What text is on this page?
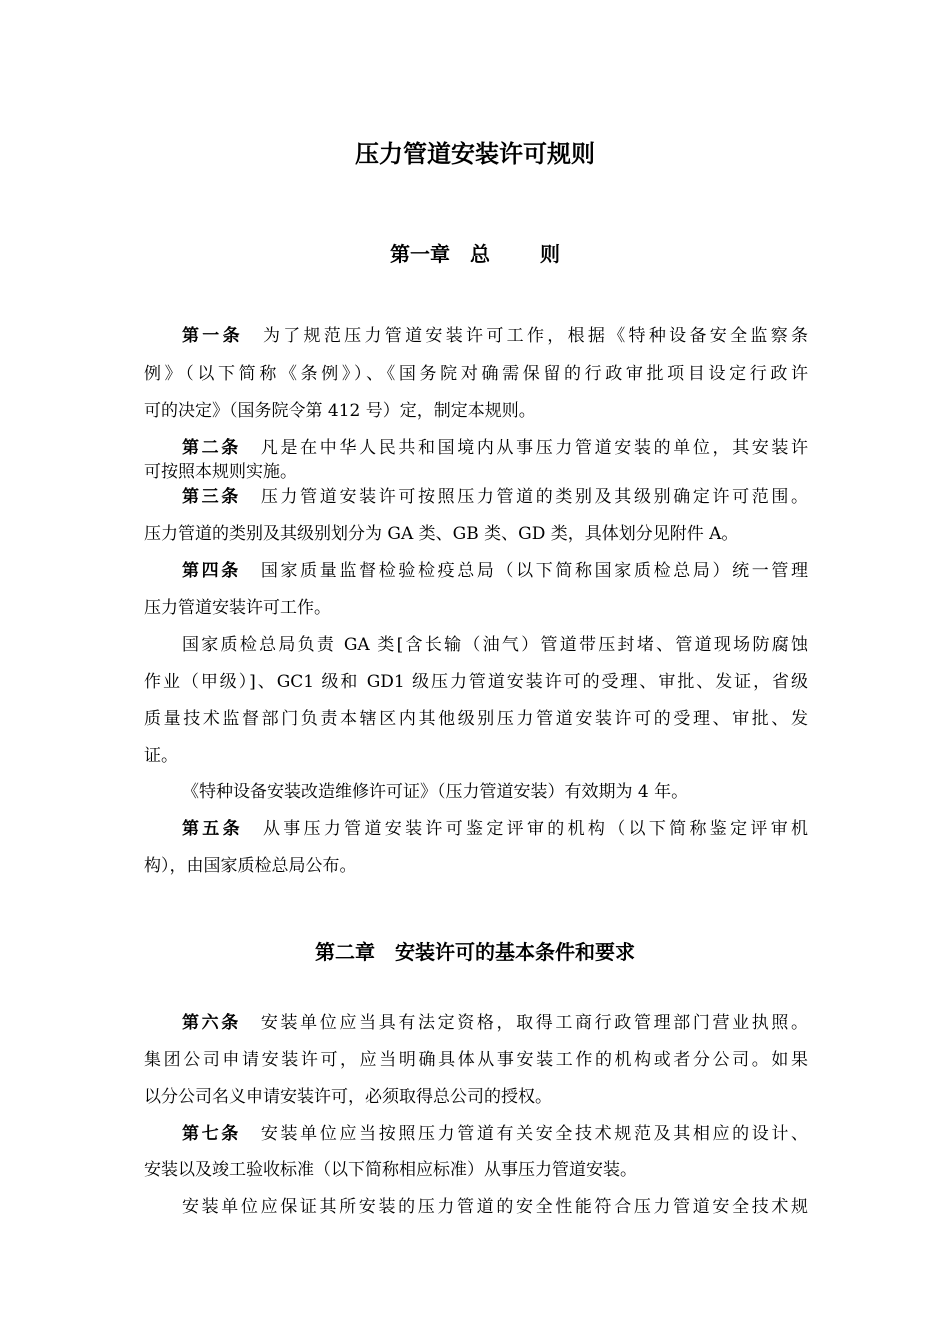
压力管道安装许可规则
第一章 总	则
第一条 为了规范压力管道安装许可工作，根据《特种设备安全监察条
例》（以下简称《条例》）、《国务院对确需保留的行政审批项目设定行政许
可的决定》（国务院令第 412 号）定，制定本规则。
第二条 凡是在中华人民共和国境内从事压力管道安装的单位，其安装许
可按照本规则实施。
第三条 压力管道安装许可按照压力管道的类别及其级别确定许可范围。
压力管道的类别及其级别划分为 GA 类、GB 类、GD 类，具体划分见附件 A。
第四条 国家质量监督检验检疫总局（以下简称国家质检总局）统一管理
压力管道安装许可工作。
国家质检总局负责 GA 类[含长输（油气）管道带压封堵、管道现场防腐蚀
作业（甲级）]、GC1 级和 GD1 级压力管道安装许可的受理、审批、发证，省级
质量技术监督部门负责本辖区内其他级别压力管道安装许可的受理、审批、发
证。
《特种设备安装改造维修许可证》（压力管道安装）有效期为 4 年。
第五条 从事压力管道安装许可鉴定评审的机构（以下简称鉴定评审机
构），由国家质检总局公布。
第二章 安装许可的基本条件和要求
第六条 安装单位应当具有法定资格，取得工商行政管理部门营业执照。
集团公司申请安装许可，应当明确具体从事安装工作的机构或者分公司。如果
以分公司名义申请安装许可，必须取得总公司的授权。
第七条 安装单位应当按照压力管道有关安全技术规范及其相应的设计、
安装以及竣工验收标准（以下简称相应标准）从事压力管道安装。
安装单位应保证其所安装的压力管道的安全性能符合压力管道安全技术规
